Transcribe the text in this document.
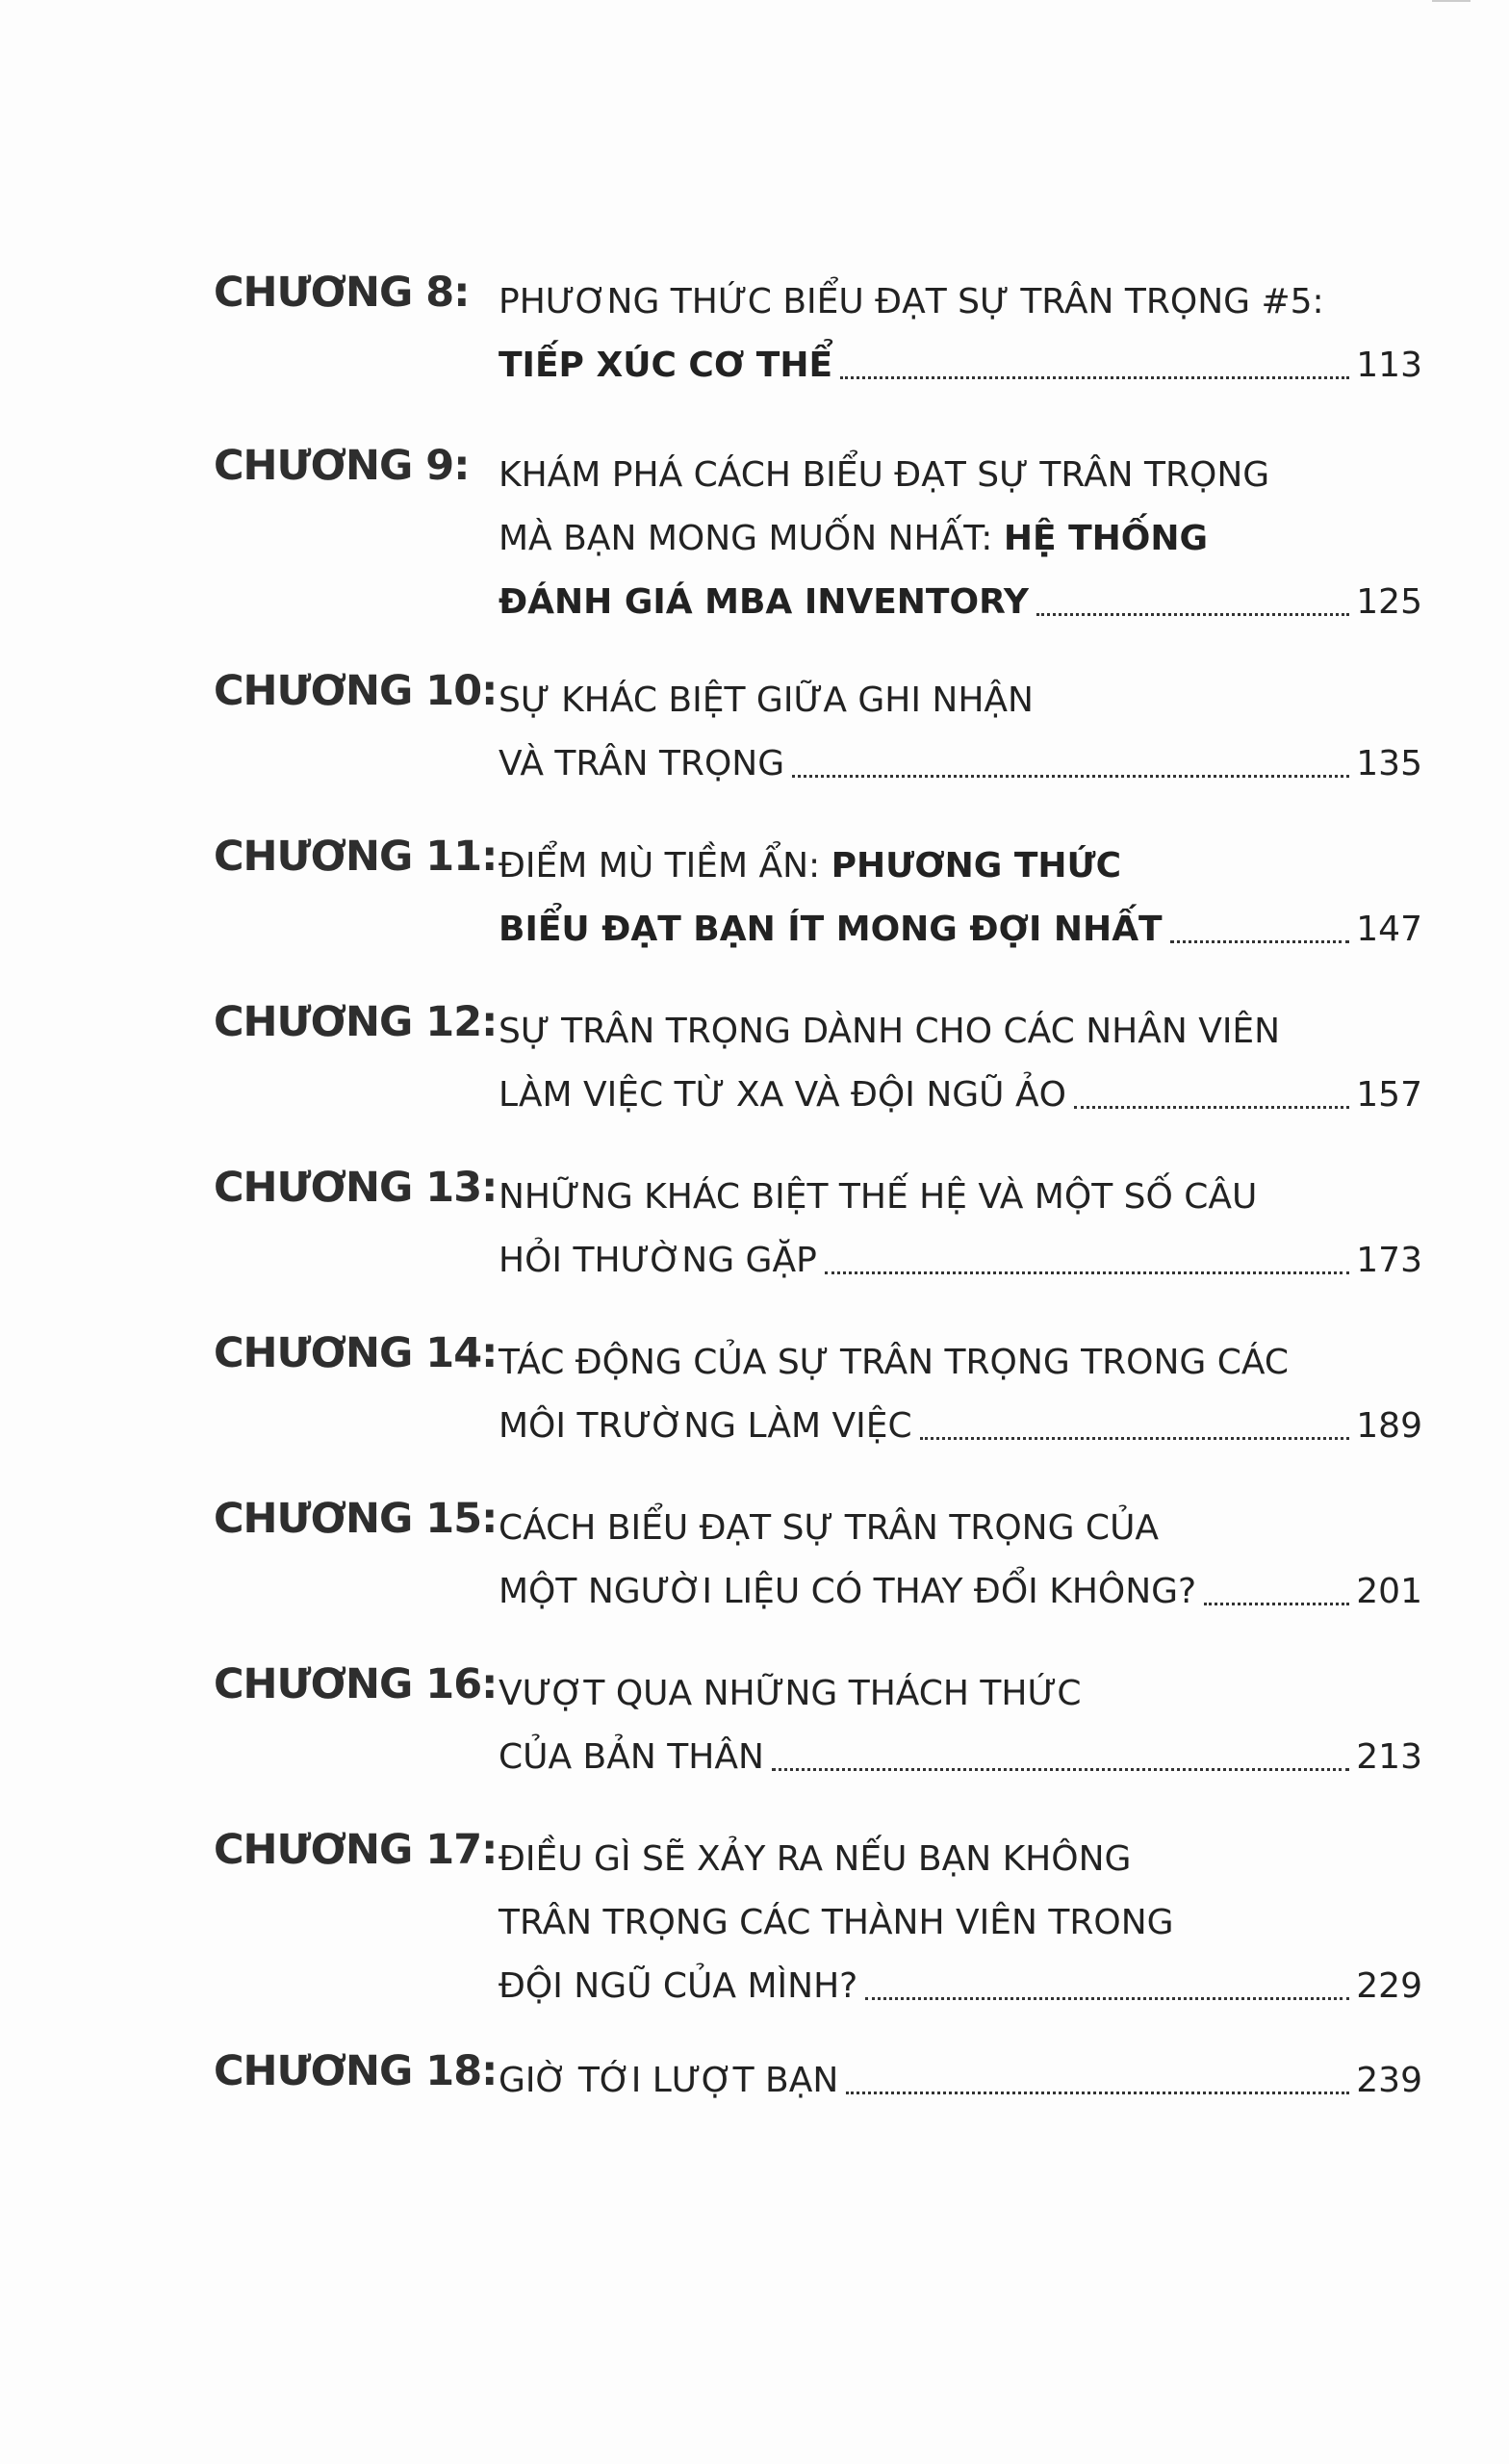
CHƯƠNG 8: PHƯƠNG THỨC BIỂU ĐẠT SỰ TRÂN TRỌNG #5:
TIẾP XÚC CƠ THỂ	113
CHƯƠNG 9: KHÁM PHÁ CÁCH BIỂU ĐẠT SỰ TRÂN TRỌNG
MÀ BẠN MONG MUỐN NHẤT: HỆ THỐNG
ĐÁNH GIÁ MBA INVENTORY	125
CHƯƠNG 10: SỰ KHÁC BIỆT GIỮA GHI NHẬN
VÀ TRÂN TRỌNG	135
CHƯƠNG 11: ĐIỂM MÙ TIỀM ẨN: PHƯƠNG THỨC
BIỂU ĐẠT BẠN ÍT MONG ĐỢI NHẤT	147
CHƯƠNG 12: SỰ TRÂN TRỌNG DÀNH CHO CÁC NHÂN VIÊN
LÀM VIỆC TỪ XA VÀ ĐỘI NGŨ ẢO	157
CHƯƠNG 13: NHỮNG KHÁC BIỆT THẾ HỆ VÀ MỘT SỐ CÂU
HỎI THƯỜNG GẶP	173
CHƯƠNG 14: TÁC ĐỘNG CỦA SỰ TRÂN TRỌNG TRONG CÁC
MÔI TRƯỜNG LÀM VIỆC	189
CHƯƠNG 15: CÁCH BIỂU ĐẠT SỰ TRÂN TRỌNG CỦA
MỘT NGƯỜI LIỆU CÓ THAY ĐỔI KHÔNG?	201
CHƯƠNG 16: VƯỢT QUA NHỮNG THÁCH THỨC
CỦA BẢN THÂN	213
CHƯƠNG 17: ĐIỀU GÌ SẼ XẢY RA NẾU BẠN KHÔNG
TRÂN TRỌNG CÁC THÀNH VIÊN TRONG
ĐỘI NGŨ CỦA MÌNH?	229
CHƯƠNG 18: GIỜ TỚI LƯỢT BẠN	239
